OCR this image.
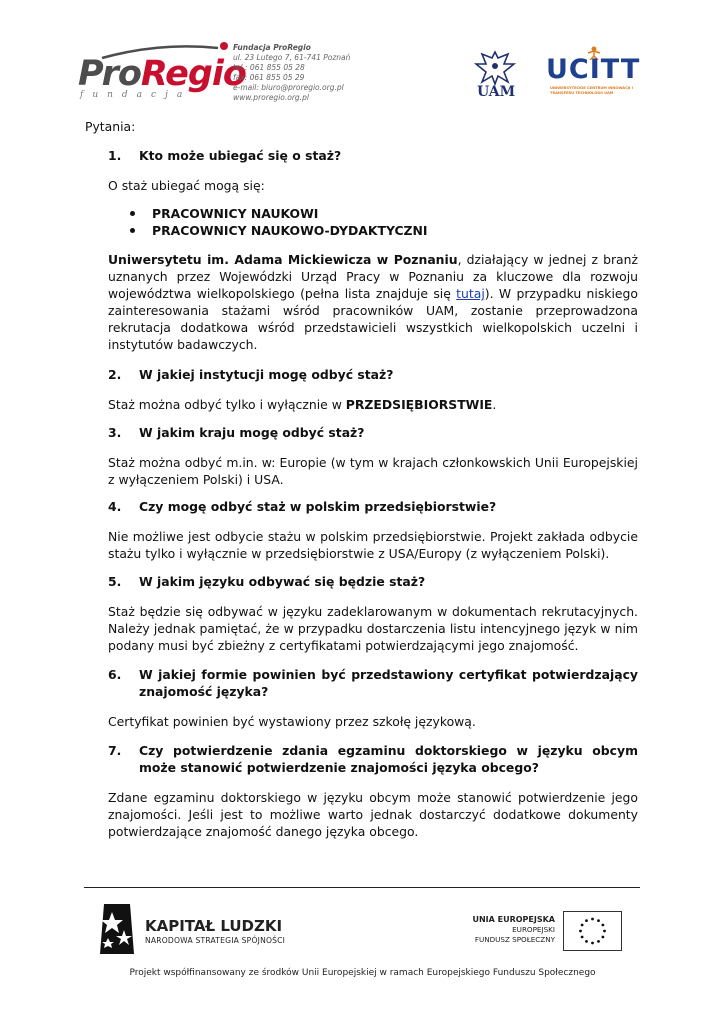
ProRegio
fundacja
Fundacja ProRegio
ul. 23 Lutego 7, 61-741 Poznań
tel.: 061 855 05 28
fax: 061 855 05 29
e-mail: biuro@proregio.org.pl
www.proregio.org.pl	UAM
UCITT
UNIWERSYTECKIE CENTRUM INNOWACJI I TRANSFERU TECHNOLOGII UAM
Pytania:
1. Kto może ubiegać się o staż?
O staż ubiegać mogą się:
PRACOWNICY NAUKOWI
PRACOWNICY NAUKOWO-DYDAKTYCZNI

Uniwersytetu im. Adama Mickiewicza w Poznaniu, działający w jednej z branż uznanych przez Wojewódzki Urząd Pracy w Poznaniu za kluczowe dla rozwoju województwa wielkopolskiego (pełna lista znajduje się tutaj). W przypadku niskiego zainteresowania stażami wśród pracowników UAM, zostanie przeprowadzona rekrutacja dodatkowa wśród przedstawicieli wszystkich wielkopolskich uczelni i instytutów badawczych.

2. W jakiej instytucji mogę odbyć staż?

Staż można odbyć tylko i wyłącznie w PRZEDSIĘBIORSTWIE.

3. W jakim kraju mogę odbyć staż?

Staż można odbyć m.in. w: Europie (w tym w krajach członkowskich Unii Europejskiej z wyłączeniem Polski) i USA.

4. Czy mogę odbyć staż w polskim przedsiębiorstwie?

Nie możliwe jest odbycie stażu w polskim przedsiębiorstwie. Projekt zakłada odbycie stażu tylko i wyłącznie w przedsiębiorstwie z USA/Europy (z wyłączeniem Polski).

5. W jakim języku odbywać się będzie staż?

Staż będzie się odbywać w języku zadeklarowanym w dokumentach rekrutacyjnych. Należy jednak pamiętać, że w przypadku dostarczenia listu intencyjnego język w nim podany musi być zbieżny z certyfikatami potwierdzającymi jego znajomość.

6. W jakiej formie powinien być przedstawiony certyfikat potwierdzający znajomość języka?

Certyfikat powinien być wystawiony przez szkołę językową.

7. Czy potwierdzenie zdania egzaminu doktorskiego w języku obcym może stanowić potwierdzenie znajomości języka obcego?

Zdane egzaminu doktorskiego w języku obcym może stanowić potwierdzenie jego znajomości. Jeśli jest to możliwe warto jednak dostarczyć dodatkowe dokumenty potwierdzające znajomość danego języka obcego.

KAPITAŁ LUDZKI
NARODOWA STRATEGIA SPÓJNOŚCI
UNIA EUROPEJSKA
EUROPEJSKI
FUNDUSZ SPOŁECZNY
Projekt współfinansowany ze środków Unii Europejskiej w ramach Europejskiego Funduszu Społecznego
